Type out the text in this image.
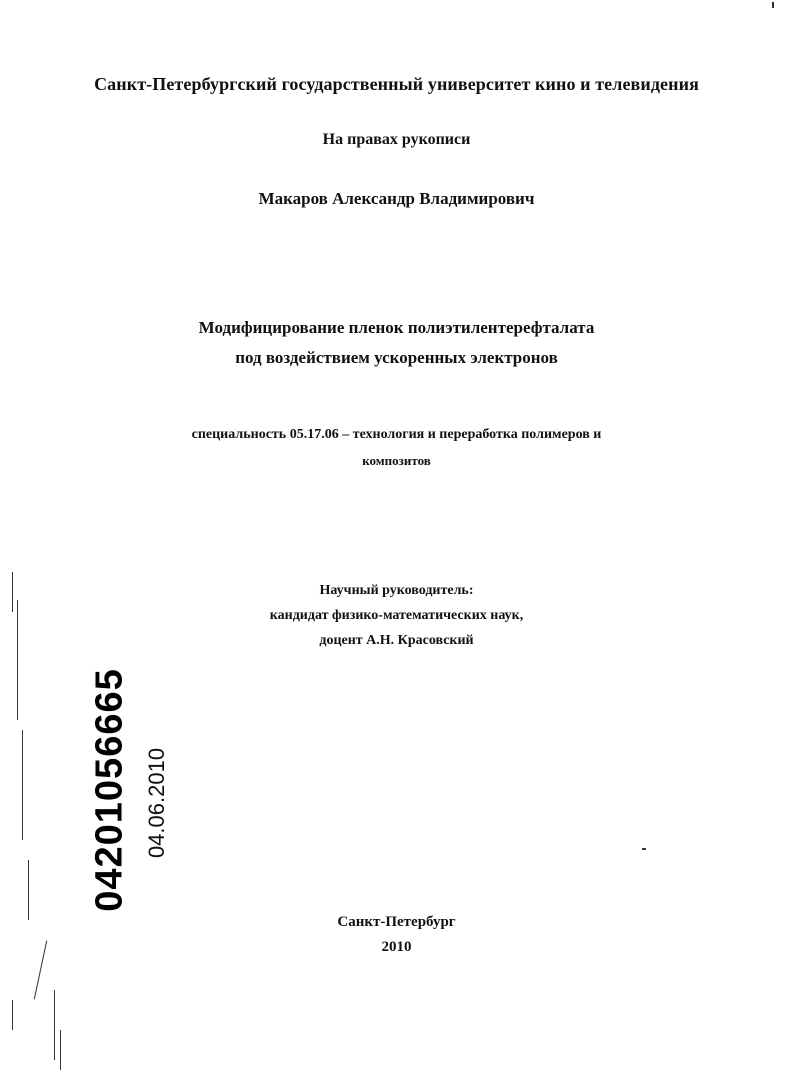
Санкт-Петербургский государственный университет кино и телевидения
На правах рукописи
Макаров Александр Владимирович
Модифицирование пленок полиэтилентерефталата
под воздействием ускоренных электронов
специальность 05.17.06 – технология и переработка полимеров и
композитов
Научный руководитель:
кандидат физико-математических наук,
доцент А.Н. Красовский
Санкт-Петербург
2010
04201056665 04.06.2010
